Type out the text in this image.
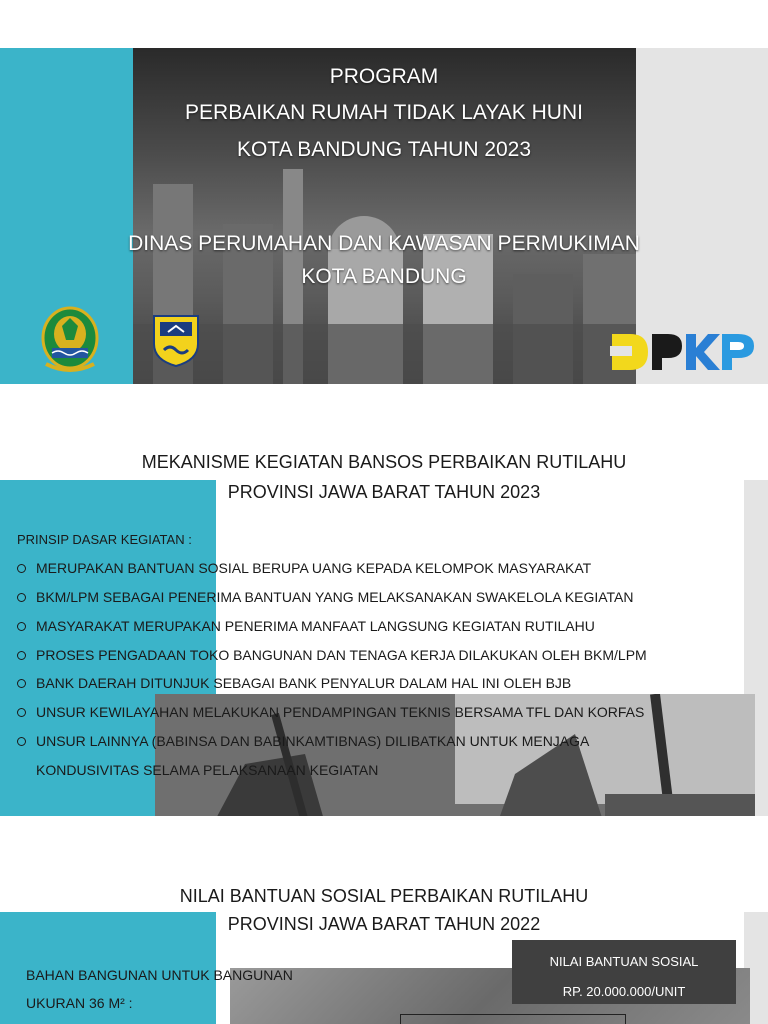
PROGRAM
PERBAIKAN RUMAH TIDAK LAYAK HUNI
KOTA BANDUNG TAHUN 2023
DINAS PERUMAHAN DAN KAWASAN PERMUKIMAN
KOTA BANDUNG
MEKANISME KEGIATAN BANSOS PERBAIKAN RUTILAHU
PROVINSI JAWA BARAT TAHUN 2023
PRINSIP DASAR KEGIATAN :
MERUPAKAN BANTUAN SOSIAL BERUPA UANG KEPADA KELOMPOK MASYARAKAT
BKM/LPM SEBAGAI PENERIMA BANTUAN YANG MELAKSANAKAN SWAKELOLA KEGIATAN
MASYARAKAT MERUPAKAN PENERIMA MANFAAT LANGSUNG KEGIATAN RUTILAHU
PROSES PENGADAAN TOKO BANGUNAN DAN TENAGA KERJA DILAKUKAN OLEH BKM/LPM
BANK DAERAH DITUNJUK SEBAGAI BANK PENYALUR DALAM HAL INI OLEH BJB
UNSUR KEWILAYAHAN MELAKUKAN PENDAMPINGAN TEKNIS BERSAMA TFL DAN KORFAS
UNSUR LAINNYA (BABINSA DAN BABINKAMTIBNAS) DILIBATKAN UNTUK MENJAGA
KONDUSIVITAS SELAMA PELAKSANAAN KEGIATAN
NILAI BANTUAN SOSIAL PERBAIKAN RUTILAHU
PROVINSI JAWA BARAT TAHUN 2022
NILAI BANTUAN SOSIAL
RP. 20.000.000/UNIT
BAHAN BANGUNAN UNTUK BANGUNAN
UKURAN 36 M² :
